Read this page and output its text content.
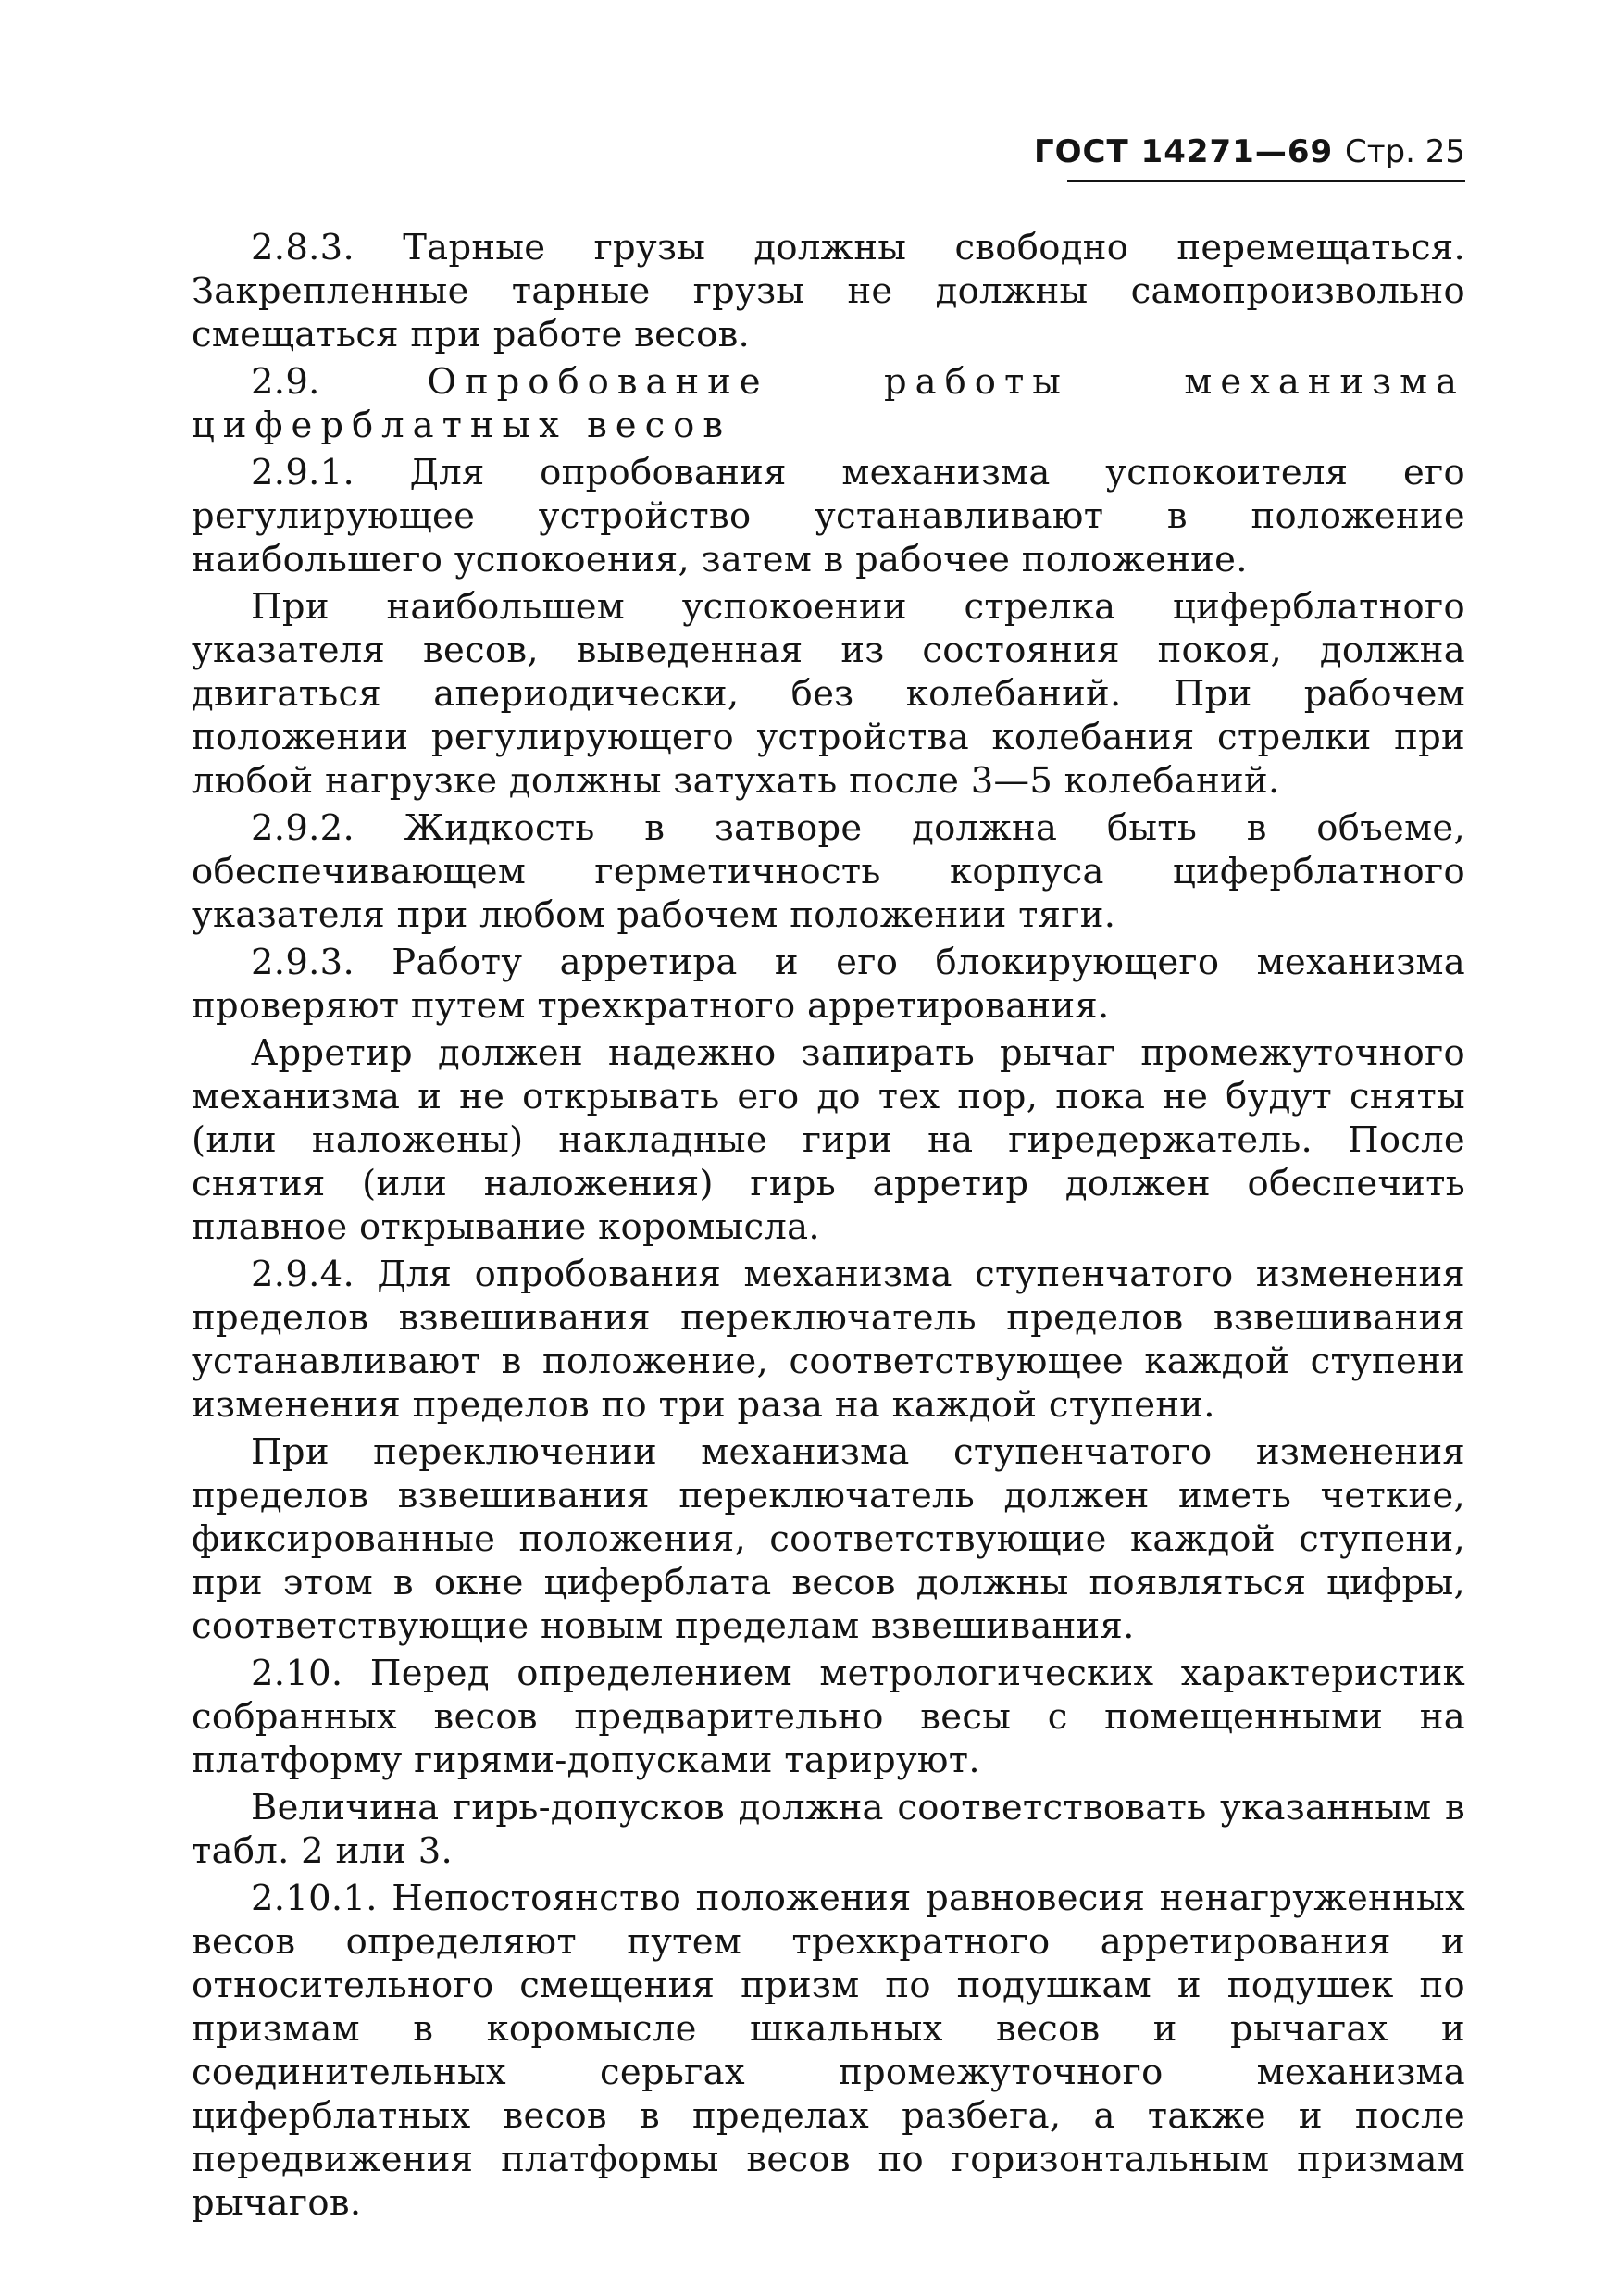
ГОСТ 14271—69 Стр. 25

2.8.3. Тарные грузы должны свободно перемещаться. Закрепленные тарные грузы не должны самопроизвольно смещаться при работе весов.

2.9.	Опробование работы механизма циферблатных весов

2.9.1. Для опробования механизма успокоителя его регулирующее устройство устанавливают в положение наибольшего успокоения, затем в рабочее положение.

При наибольшем успокоении стрелка циферблатного указателя весов, выведенная из состояния покоя, должна двигаться апериодически, без колебаний. При рабочем положении регулирующего устройства колебания стрелки при любой нагрузке должны затухать после 3—5 колебаний.

2.9.2. Жидкость в затворе должна быть в объеме, обеспечивающем герметичность корпуса циферблатного указателя при любом рабочем положении тяги.

2.9.3. Работу арретира и его блокирующего механизма проверяют путем трехкратного арретирования.

Арретир должен надежно запирать рычаг промежуточного механизма и не открывать его до тех пор, пока не будут сняты (или наложены) накладные гири на гиредержатель. После снятия (или наложения) гирь арретир должен обеспечить плавное открывание коромысла.

2.9.4. Для опробования механизма ступенчатого изменения пределов взвешивания переключатель пределов взвешивания устанавливают в положение, соответствующее каждой ступени изменения пределов по три раза на каждой ступени.

При переключении механизма ступенчатого изменения пределов взвешивания переключатель должен иметь четкие, фиксированные положения, соответствующие каждой ступени, при этом в окне циферблата весов должны появляться цифры, соответствующие новым пределам взвешивания.

2.10. Перед определением метрологических характеристик собранных весов предварительно весы с помещенными на платформу гирями-допусками тарируют.

Величина гирь-допусков должна соответствовать указанным в табл. 2 или 3.

2.10.1. Непостоянство положения равновесия ненагруженных весов определяют путем трехкратного арретирования и относительного смещения призм по подушкам и подушек по призмам в коромысле шкальных весов и рычагах и соединительных серьгах промежуточного механизма циферблатных весов в пределах разбега, а также и после передвижения платформы весов по горизонтальным призмам рычагов.
